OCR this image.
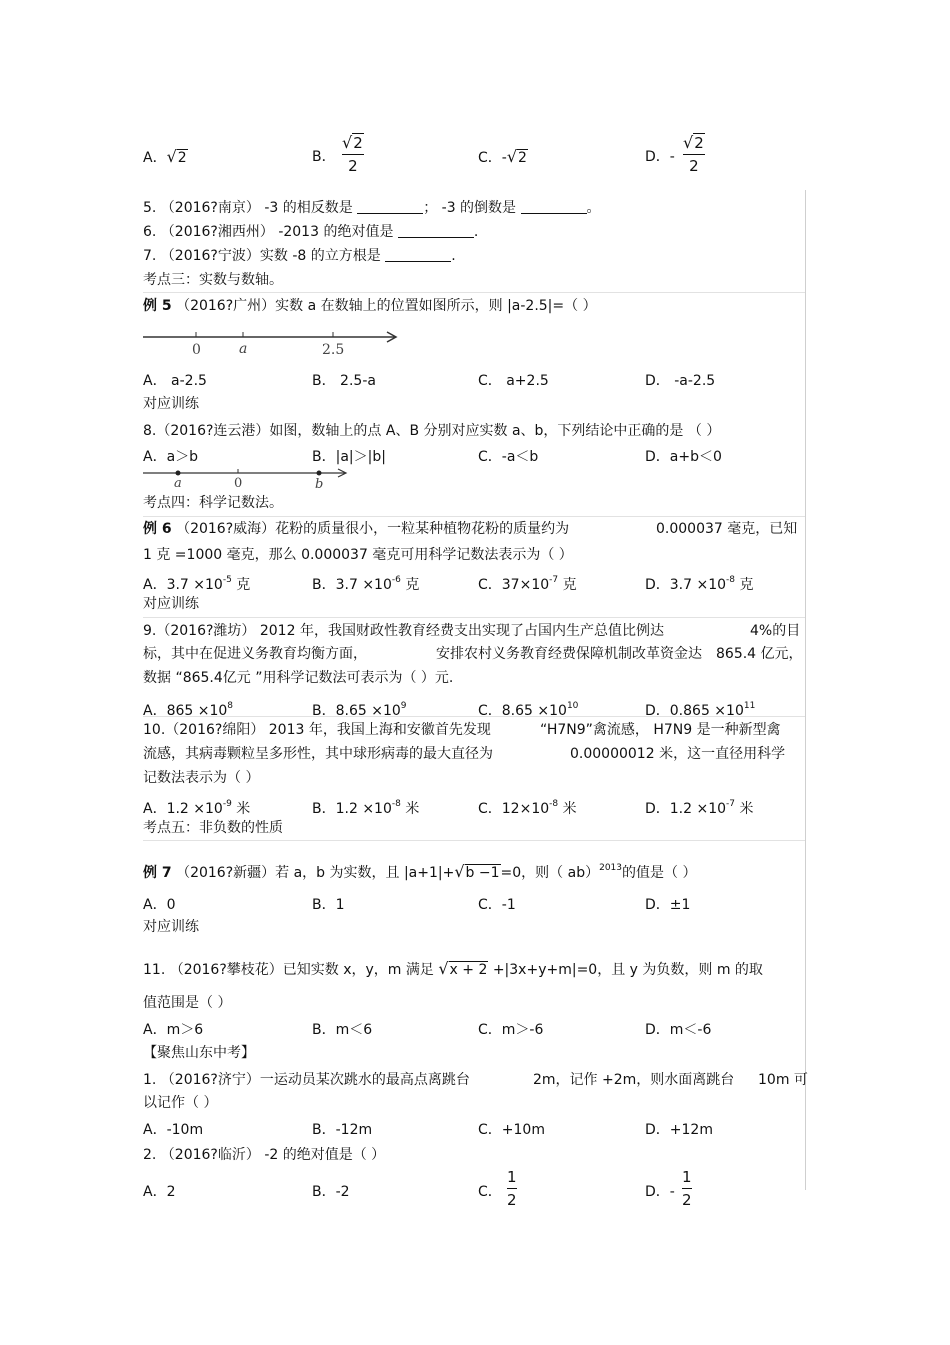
A．√2	B．
√2
2	C．-√2	D．-
√2
2
5. （2016?南京） -3 的相反数是	； -3 的倒数是	。
6. （2016?湘西州） -2013 的绝对值是	.
7. （2016?宁波）实数 -8 的立方根是	.
考点三：实数与数轴。
例 5 （2016?广州）实数 a 在数轴上的位置如图所示，则 |a-2.5|=（ ）
0	a	2.5
A． a-2.5	B． 2.5-a	C． a+2.5	D． -a-2.5
对应训练
8.（2016?连云港）如图，数轴上的点 A、B 分别对应实数 a、b，下列结论中正确的是 （ ）
A．a＞b	B．|a|＞|b|	C．-a＜b	D．a+b＜0
a	0	b
考点四：科学记数法。
例 6 （2016?威海）花粉的质量很小，一粒某种植物花粉的质量约为	0.000037 毫克，已知
1 克 =1000 毫克，那么 0.000037 毫克可用科学记数法表示为（ ）
A．$3.7 \times 10^{-5}$ 克	B．$3.7 \times 10^{-6}$ 克	C．$37\times 10^{-7}$ 克	D．$3.7 \times 10^{-8}$ 克
对应训练
9.（2016?潍坊） 2012 年，我国财政性教育经费支出实现了占国内生产总值比例达	4%的目
标，其中在促进义务教育均衡方面，	安排农村义务教育经费保障机制改革资金达 865.4 亿元，
数据 “865.4亿元 ”用科学记数法可表示为（ ）元.
A．$865 \times 10^8$	B．$8.65 \times 10^9$	C．$8.65 \times 10^{10}$	D．$0.865 \times 10^{11}$
10.（2016?绵阳） 2013 年，我国上海和安徽首先发现	“H7N9”禽流感， H7N9 是一种新型禽
流感，其病毒颗粒呈多形性，其中球形病毒的最大直径为	0.00000012 米，这一直径用科学
记数法表示为（ ）
A．$1.2 \times 10^{-9}$ 米	B．$1.2 \times 10^{-8}$ 米	C．$12\times 10^{-8}$ 米	D．$1.2 \times 10^{-7}$ 米
考点五：非负数的性质
例 7 （2016?新疆）若 a，b 为实数，且 |a+1|+√b −1=0，则（ ab）$^{2013}$的值是（ ）
A．0	B．1	C．-1	D．±1
对应训练
11. （2016?攀枝花）已知实数 x，y，m 满足 √x + 2 +|3x+y+m|=0，且 y 为负数，则 m 的取
值范围是（ ）
A．m＞6	B．m＜6	C．m＞-6	D．m＜-6
【聚焦山东中考】
1. （2016?济宁）一运动员某次跳水的最高点离跳台	2m，记作 +2m，则水面离跳台 10m 可
以记作（ ）
A．-10m	B．-12m	C．+10m	D．+12m
2. （2016?临沂） -2 的绝对值是（ ）
A．2	B．-2	C．
1
2	D．-
1
2
